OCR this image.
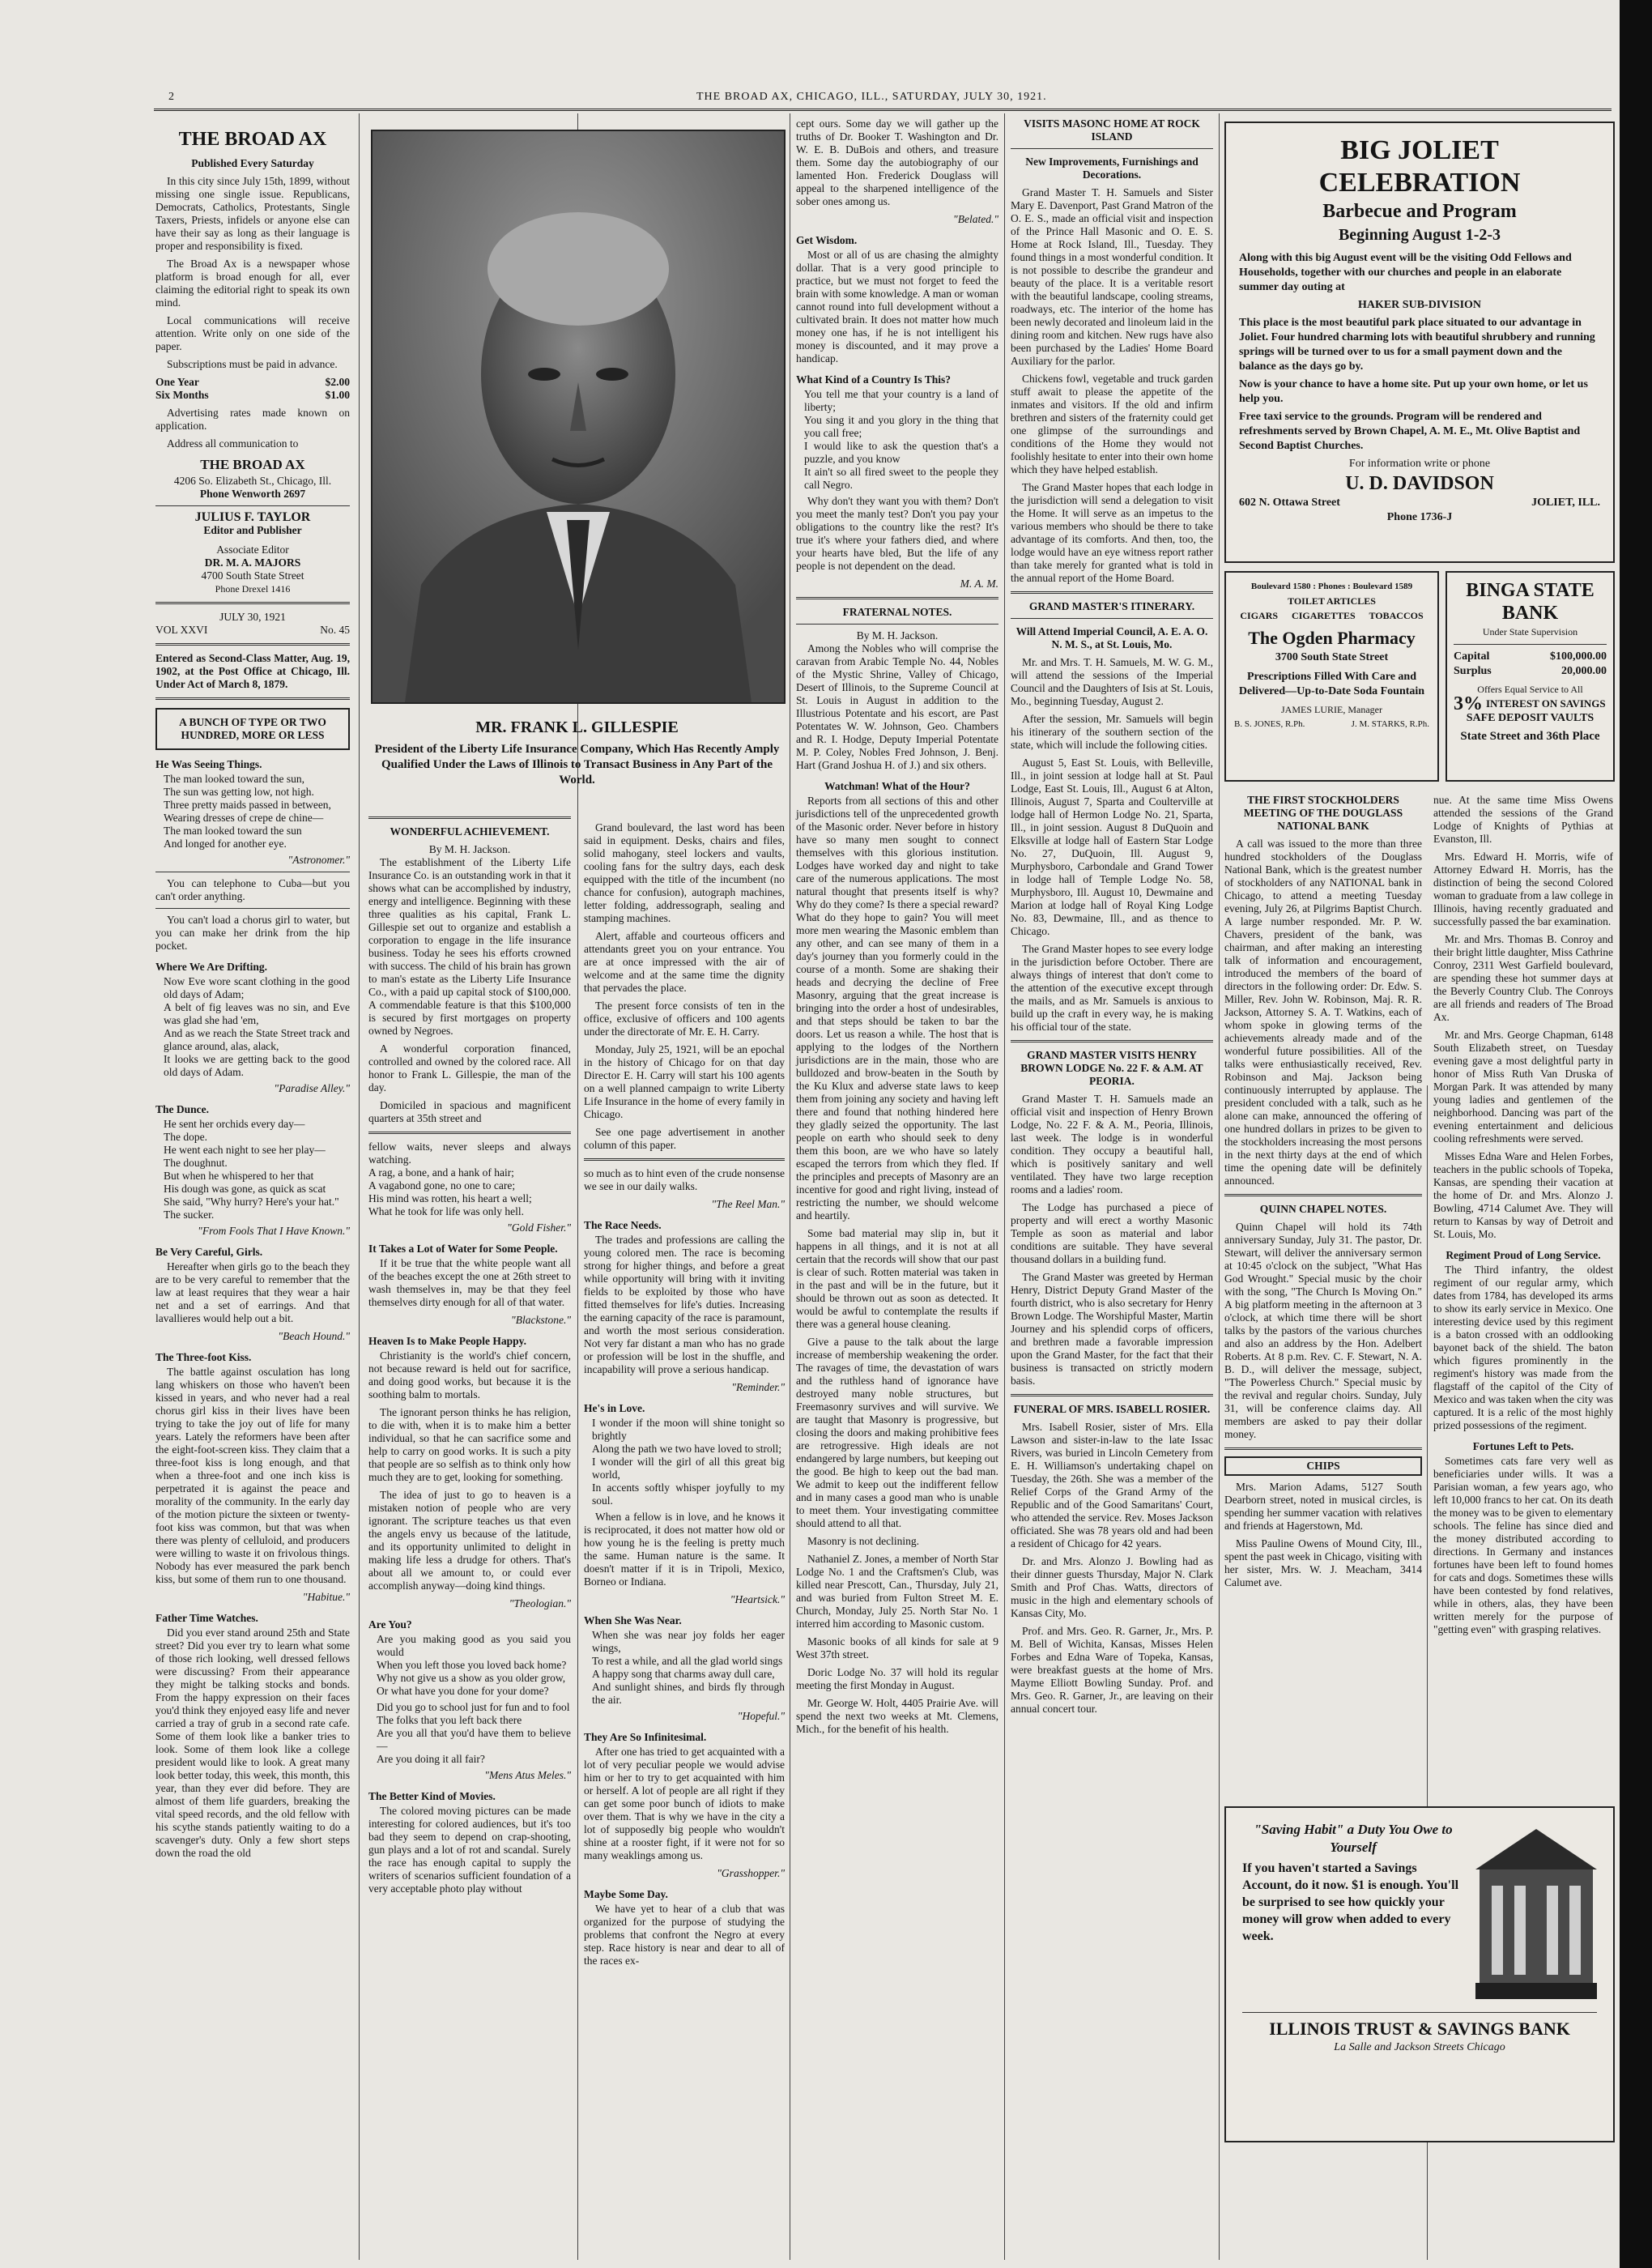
2	THE BROAD AX, CHICAGO, ILL., SATURDAY, JULY 30, 1921.
THE BROAD AX
Published Every Saturday

In this city since July 15th, 1899, without missing one single issue. Republicans, Democrats, Catholics, Protestants, Single Taxers, Priests, infidels or anyone else can have their say as long as their language is proper and responsibility is fixed.

The Broad Ax is a newspaper whose platform is broad enough for all, ever claiming the editorial right to speak its own mind.

Local communications will receive attention. Write only on one side of the paper.

Subscriptions must be paid in advance.

One Year	$2.00
Six Months	$1.00

Advertising rates made known on application.

Address all communication to

THE BROAD AX
4206 So. Elizabeth St., Chicago, Ill.
Phone Wenworth 2697
JULIUS F. TAYLOR
Editor and Publisher
Associate Editor
DR. M. A. MAJORS
4700 South State Street
Phone Drexel 1416
JULY 30, 1921
VOL XXVI	No. 45

Entered as Second-Class Matter, Aug. 19, 1902, at the Post Office at Chicago, Ill. Under Act of March 8, 1879.

A BUNCH OF TYPE OR TWO HUNDRED, MORE OR LESS
He Was Seeing Things.
The man looked toward the sun,
The sun was getting low, not high.
Three pretty maids passed in between,
Wearing dresses of crepe de chine—
The man looked toward the sun
And longed for another eye.
"Astronomer."

You can telephone to Cuba—but you can't order anything.

You can't load a chorus girl to water, but you can make her drink from the hip pocket.

Where We Are Drifting.
Now Eve wore scant clothing in the good old days of Adam;
A belt of fig leaves was no sin, and Eve was glad she had 'em,
And as we reach the State Street track and glance around, alas, alack,
It looks we are getting back to the good old days of Adam.
"Paradise Alley."
The Dunce.
He sent her orchids every day—
The dope.
He went each night to see her play—
The doughnut.
But when he whispered to her that
His dough was gone, as quick as scat
She said, "Why hurry? Here's your hat."
The sucker.
"From Fools That I Have Known."
Be Very Careful, Girls.

Hereafter when girls go to the beach they are to be very careful to remember that the law at least requires that they wear a hair net and a set of earrings. And that lavallieres would help out a bit.

"Beach Hound."
The Three-foot Kiss.

The battle against osculation has long lang whiskers on those who haven't been kissed in years, and who never had a real chorus girl kiss in their lives have been trying to take the joy out of life for many years. Lately the reformers have been after the eight-foot-screen kiss. They claim that a three-foot kiss is long enough, and that when a three-foot and one inch kiss is perpetrated it is against the peace and morality of the community. In the early day of the motion picture the sixteen or twenty-foot kiss was common, but that was when there was plenty of celluloid, and producers were willing to waste it on frivolous things. Nobody has ever measured the park bench kiss, but some of them run to one thousand.

"Habitue."
Father Time Watches.

Did you ever stand around 25th and State street? Did you ever try to learn what some of those rich looking, well dressed fellows were discussing? From their appearance they might be talking stocks and bonds. From the happy expression on their faces you'd think they enjoyed easy life and never carried a tray of grub in a second rate cafe. Some of them look like a banker tries to look. Some of them look like a college president would like to look. A great many look better today, this week, this month, this year, than they ever did before. They are almost of them life guarders, breaking the vital speed records, and the old fellow with his scythe stands patiently waiting to do a scavenger's duty. Only a few short steps down the road the old

MR. FRANK L. GILLESPIE

President of the Liberty Life Insurance Company, Which Has Recently Amply Qualified Under the Laws of Illinois to Transact Business in Any Part of the World.

WONDERFUL ACHIEVEMENT.
By M. H. Jackson.

The establishment of the Liberty Life Insurance Co. is an outstanding work in that it shows what can be accomplished by industry, energy and intelligence. Beginning with these three qualities as his capital, Frank L. Gillespie set out to organize and establish a corporation to engage in the life insurance business. Today he sees his efforts crowned with success. The child of his brain has grown to man's estate as the Liberty Life Insurance Co., with a paid up capital stock of $100,000. A commendable feature is that this $100,000 is secured by first mortgages on property owned by Negroes.

A wonderful corporation financed, controlled and owned by the colored race. All honor to Frank L. Gillespie, the man of the day.

Domiciled in spacious and magnificent quarters at 35th street and

fellow waits, never sleeps and always watching.
A rag, a bone, and a hank of hair;
A vagabond gone, no one to care;
His mind was rotten, his heart a well;
What he took for life was only hell.
"Gold Fisher."
It Takes a Lot of Water for Some People.

If it be true that the white people want all of the beaches except the one at 26th street to wash themselves in, may be that they feel themselves dirty enough for all of that water.

"Blackstone."
Heaven Is to Make People Happy.

Christianity is the world's chief concern, not because reward is held out for sacrifice, and doing good works, but because it is the soothing balm to mortals.

The ignorant person thinks he has religion, to die with, when it is to make him a better individual, so that he can sacrifice some and help to carry on good works. It is such a pity that people are so selfish as to think only how much they are to get, looking for something.

The idea of just to go to heaven is a mistaken notion of people who are very ignorant. The scripture teaches us that even the angels envy us because of the latitude, and its opportunity unlimited to delight in making life less a drudge for others. That's about all we amount to, or could ever accomplish anyway—doing kind things.

"Theologian."
Are You?
Are you making good as you said you would
When you left those you loved back home?
Why not give us a show as you older grow,
Or what have you done for your dome?
Did you go to school just for fun and to fool
The folks that you left back there
Are you all that you'd have them to believe—
Are you doing it all fair?
"Mens Atus Meles."
The Better Kind of Movies.

The colored moving pictures can be made interesting for colored audiences, but it's too bad they seem to depend on crap-shooting, gun plays and a lot of rot and scandal. Surely the race has enough capital to supply the writers of scenarios sufficient foundation of a very acceptable photo play without

Grand boulevard, the last word has been said in equipment. Desks, chairs and files, solid mahogany, steel lockers and vaults, cooling fans for the sultry days, each desk equipped with the title of the incumbent (no chance for confusion), autograph machines, letter folding, addressograph, sealing and stamping machines.

Alert, affable and courteous officers and attendants greet you on your entrance. You are at once impressed with the air of welcome and at the same time the dignity that pervades the place.

The present force consists of ten in the office, exclusive of officers and 100 agents under the directorate of Mr. E. H. Carry.

Monday, July 25, 1921, will be an epochal in the history of Chicago for on that day Director E. H. Carry will start his 100 agents on a well planned campaign to write Liberty Life Insurance in the home of every family in Chicago.

See one page advertisement in another column of this paper.

so much as to hint even of the crude nonsense we see in our daily walks.

"The Reel Man."
The Race Needs.

The trades and professions are calling the young colored men. The race is becoming strong for higher things, and before a great while opportunity will bring with it inviting fields to be exploited by those who have fitted themselves for life's duties. Increasing the earning capacity of the race is paramount, and worth the most serious consideration. Not very far distant a man who has no grade or profession will be lost in the shuffle, and incapability will prove a serious handicap.

"Reminder."
He's in Love.
I wonder if the moon will shine tonight so brightly
Along the path we two have loved to stroll;
I wonder will the girl of all this great big world,
In accents softly whisper joyfully to my soul.

When a fellow is in love, and he knows it is reciprocated, it does not matter how old or how young he is the feeling is pretty much the same. Human nature is the same. It doesn't matter if it is in Tripoli, Mexico, Borneo or Indiana.

"Heartsick."
When She Was Near.
When she was near joy folds her eager wings,
To rest a while, and all the glad world sings
A happy song that charms away dull care,
And sunlight shines, and birds fly through the air.
"Hopeful."
They Are So Infinitesimal.

After one has tried to get acquainted with a lot of very peculiar people we would advise him or her to try to get acquainted with him or herself. A lot of people are all right if they can get some poor bunch of idiots to make over them. That is why we have in the city a lot of supposedly big people who wouldn't shine at a rooster fight, if it were not for so many weaklings among us.

"Grasshopper."
Maybe Some Day.

We have yet to hear of a club that was organized for the purpose of studying the problems that confront the Negro at every step. Race history is near and dear to all of the races ex-

cept ours. Some day we will gather up the truths of Dr. Booker T. Washington and Dr. W. E. B. DuBois and others, and treasure them. Some day the autobiography of our lamented Hon. Frederick Douglass will appeal to the sharpened intelligence of the sober ones among us.

"Belated."
Get Wisdom.

Most or all of us are chasing the almighty dollar. That is a very good principle to practice, but we must not forget to feed the brain with some knowledge. A man or woman cannot round into full development without a cultivated brain. It does not matter how much money one has, if he is not intelligent his money is discounted, and it may prove a handicap.

What Kind of a Country Is This?
You tell me that your country is a land of liberty;
You sing it and you glory in the thing that you call free;
I would like to ask the question that's a puzzle, and you know
It ain't so all fired sweet to the people they call Negro.

Why don't they want you with them? Don't you meet the manly test? Don't you pay your obligations to the country like the rest? It's true it's where your fathers died, and where your hearts have bled, But the life of any people is not dependent on the dead.

M. A. M.
FRATERNAL NOTES.
By M. H. Jackson.

Among the Nobles who will comprise the caravan from Arabic Temple No. 44, Nobles of the Mystic Shrine, Valley of Chicago, Desert of Illinois, to the Supreme Council at St. Louis in August in addition to the Illustrious Potentate and his escort, are Past Potentates W. W. Johnson, Geo. Chambers and R. I. Hodge, Deputy Imperial Potentate M. P. Coley, Nobles Fred Johnson, J. Benj. Hart (Grand Joshua H. of J.) and six others.

Watchman! What of the Hour?

Reports from all sections of this and other jurisdictions tell of the unprecedented growth of the Masonic order. Never before in history have so many men sought to connect themselves with this glorious institution. Lodges have worked day and night to take care of the numerous applications. The most natural thought that presents itself is why? Why do they come? Is there a special reward? What do they hope to gain? You will meet more men wearing the Masonic emblem than any other, and can see many of them in a day's journey than you formerly could in the course of a month. Some are shaking their heads and decrying the decline of Free Masonry, arguing that the great increase is bringing into the order a host of undesirables, and that steps should be taken to bar the doors. Let us reason a while. The host that is applying to the lodges of the Northern jurisdictions are in the main, those who are bulldozed and brow-beaten in the South by the Ku Klux and adverse state laws to keep them from joining any society and having left there and found that nothing hindered here they gladly seized the opportunity. The last people on earth who should seek to deny them this boon, are we who have so lately escaped the terrors from which they fled. If the principles and precepts of Masonry are an incentive for good and right living, instead of restricting the number, we should welcome and heartily.

Some bad material may slip in, but it happens in all things, and it is not at all certain that the records will show that our past is clear of such. Rotten material was taken in in the past and will be in the future, but it should be thrown out as soon as detected. It would be awful to contemplate the results if there was a general house cleaning.

Give a pause to the talk about the large increase of membership weakening the order. The ravages of time, the devastation of wars and the ruthless hand of ignorance have destroyed many noble structures, but Freemasonry survives and will survive. We are taught that Masonry is progressive, but closing the doors and making prohibitive fees are retrogressive. High ideals are not endangered by large numbers, but keeping out the good. Be high to keep out the bad man. We admit to keep out the indifferent fellow and in many cases a good man who is unable to meet them. Your investigating committee should attend to all that.

Masonry is not declining.

Nathaniel Z. Jones, a member of North Star Lodge No. 1 and the Craftsmen's Club, was killed near Prescott, Can., Thursday, July 21, and was buried from Fulton Street M. E. Church, Monday, July 25. North Star No. 1 interred him according to Masonic custom.

Masonic books of all kinds for sale at 9 West 37th street.

Doric Lodge No. 37 will hold its regular meeting the first Monday in August.

Mr. George W. Holt, 4405 Prairie Ave. will spend the next two weeks at Mt. Clemens, Mich., for the benefit of his health.

VISITS MASONC HOME AT ROCK ISLAND
New Improvements, Furnishings and Decorations.

Grand Master T. H. Samuels and Sister Mary E. Davenport, Past Grand Matron of the O. E. S., made an official visit and inspection of the Prince Hall Masonic and O. E. S. Home at Rock Island, Ill., Tuesday. They found things in a most wonderful condition. It is not possible to describe the grandeur and beauty of the place. It is a veritable resort with the beautiful landscape, cooling streams, roadways, etc. The interior of the home has been newly decorated and linoleum laid in the dining room and kitchen. New rugs have also been purchased by the Ladies' Home Board Auxiliary for the parlor.

Chickens fowl, vegetable and truck garden stuff await to please the appetite of the inmates and visitors. If the old and infirm brethren and sisters of the fraternity could get one glimpse of the surroundings and conditions of the Home they would not foolishly hesitate to enter into their own home which they have helped establish.

The Grand Master hopes that each lodge in the jurisdiction will send a delegation to visit the Home. It will serve as an impetus to the various members who should be there to take advantage of its comforts. And then, too, the lodge would have an eye witness report rather than take merely for granted what is told in the annual report of the Home Board.

GRAND MASTER'S ITINERARY.
Will Attend Imperial Council, A. E. A. O. N. M. S., at St. Louis, Mo.

Mr. and Mrs. T. H. Samuels, M. W. G. M., will attend the sessions of the Imperial Council and the Daughters of Isis at St. Louis, Mo., beginning Tuesday, August 2.

After the session, Mr. Samuels will begin his itinerary of the southern section of the state, which will include the following cities.

August 5, East St. Louis, with Belleville, Ill., in joint session at lodge hall at St. Paul Lodge, East St. Louis, Ill., August 6 at Alton, Illinois, August 7, Sparta and Coulterville at lodge hall of Hermon Lodge No. 21, Sparta, Ill., in joint session. August 8 DuQuoin and Elksville at lodge hall of Eastern Star Lodge No. 27, DuQuoin, Ill. August 9, Murphysboro, Carbondale and Grand Tower in lodge hall of Temple Lodge No. 58, Murphysboro, Ill. August 10, Dewmaine and Marion at lodge hall of Royal King Lodge No. 83, Dewmaine, Ill., and as thence to Chicago.

The Grand Master hopes to see every lodge in the jurisdiction before October. There are always things of interest that don't come to the attention of the executive except through the mails, and as Mr. Samuels is anxious to build up the craft in every way, he is making his official tour of the state.

GRAND MASTER VISITS HENRY BROWN LODGE No. 22 F. & A.M. AT PEORIA.

Grand Master T. H. Samuels made an official visit and inspection of Henry Brown Lodge, No. 22 F. & A. M., Peoria, Illinois, last week. The lodge is in wonderful condition. They occupy a beautiful hall, which is positively sanitary and well ventilated. They have two large reception rooms and a ladies' room.

The Lodge has purchased a piece of property and will erect a worthy Masonic Temple as soon as material and labor conditions are suitable. They have several thousand dollars in a building fund.

The Grand Master was greeted by Herman Henry, District Deputy Grand Master of the fourth district, who is also secretary for Henry Brown Lodge. The Worshipful Master, Martin Journey and his splendid corps of officers, and brethren made a favorable impression upon the Grand Master, for the fact that their business is transacted on strictly modern basis.

FUNERAL OF MRS. ISABELL ROSIER.

Mrs. Isabell Rosier, sister of Mrs. Ella Lawson and sister-in-law to the late Issac Rivers, was buried in Lincoln Cemetery from E. H. Williamson's undertaking chapel on Tuesday, the 26th. She was a member of the Relief Corps of the Grand Army of the Republic and of the Good Samaritans' Court, who attended the service. Rev. Moses Jackson officiated. She was 78 years old and had been a resident of Chicago for 42 years.

Dr. and Mrs. Alonzo J. Bowling had as their dinner guests Thursday, Major N. Clark Smith and Prof Chas. Watts, directors of music in the high and elementary schools of Kansas City, Mo.

Prof. and Mrs. Geo. R. Garner, Jr., Mrs. P. M. Bell of Wichita, Kansas, Misses Helen Forbes and Edna Ware of Topeka, Kansas, were breakfast guests at the home of Mrs. Mayme Elliott Bowling Sunday. Prof. and Mrs. Geo. R. Garner, Jr., are leaving on their annual concert tour.

BIG JOLIET CELEBRATION
Barbecue and Program
Beginning August 1-2-3

Along with this big August event will be the visiting Odd Fellows and Households, together with our churches and people in an elaborate summer day outing at

HAKER SUB-DIVISION

This place is the most beautiful park place situated to our advantage in Joliet. Four hundred charming lots with beautiful shrubbery and running springs will be turned over to us for a small payment down and the balance as the days go by.

Now is your chance to have a home site. Put up your own home, or let us help you.

Free taxi service to the grounds. Program will be rendered and refreshments served by Brown Chapel, A. M. E., Mt. Olive Baptist and Second Baptist Churches.

For information write or phone
U. D. DAVIDSON
602 N. Ottawa Street	JOLIET, ILL.
Phone 1736-J
Boulevard 1580 : Phones : Boulevard 1589
TOILET ARTICLES
CIGARS CIGARETTES TOBACCOS
The Ogden Pharmacy
3700 South State Street

Prescriptions Filled With Care and Delivered—Up-to-Date Soda Fountain

JAMES LURIE, Manager
B. S. JONES, R.Ph.	J. M. STARKS, R.Ph.
BINGA STATE BANK
Under State Supervision
Capital	$100,000.00
Surplus	20,000.00
Offers Equal Service to All
3% INTEREST ON SAVINGS
SAFE DEPOSIT VAULTS
State Street and 36th Place
THE FIRST STOCKHOLDERS MEETING OF THE DOUGLASS NATIONAL BANK

A call was issued to the more than three hundred stockholders of the Douglass National Bank, which is the greatest number of stockholders of any NATIONAL bank in Chicago, to attend a meeting Tuesday evening, July 26, at Pilgrims Baptist Church. A large number responded. Mr. P. W. Chavers, president of the bank, was chairman, and after making an interesting talk of information and encouragement, introduced the members of the board of directors in the following order: Dr. Edw. S. Miller, Rev. John W. Robinson, Maj. R. R. Jackson, Attorney S. A. T. Watkins, each of whom spoke in glowing terms of the achievements already made and of the wonderful future possibilities. All of the talks were enthusiastically received, Rev. Robinson and Maj. Jackson being continuously interrupted by applause. The president concluded with a talk, such as he alone can make, announced the offering of one hundred dollars in prizes to be given to the stockholders increasing the most persons in the next thirty days at the end of which time the opening date will be definitely announced.

QUINN CHAPEL NOTES.

Quinn Chapel will hold its 74th anniversary Sunday, July 31. The pastor, Dr. Stewart, will deliver the anniversary sermon at 10:45 o'clock on the subject, "What Has God Wrought." Special music by the choir with the song, "The Church Is Moving On." A big platform meeting in the afternoon at 3 o'clock, at which time there will be short talks by the pastors of the various churches and also an address by the Hon. Adelbert Roberts. At 8 p.m. Rev. C. F. Stewart, N. A. B. D., will deliver the message, subject, "The Powerless Church." Special music by the revival and regular choirs. Sunday, July 31, will be conference claims day. All members are asked to pay their dollar money.

CHIPS

Mrs. Marion Adams, 5127 South Dearborn street, noted in musical circles, is spending her summer vacation with relatives and friends at Hagerstown, Md.

Miss Pauline Owens of Mound City, Ill., spent the past week in Chicago, visiting with her sister, Mrs. W. J. Meacham, 3414 Calumet ave.

nue. At the same time Miss Owens attended the sessions of the Grand Lodge of Knights of Pythias at Evanston, Ill.

Mrs. Edward H. Morris, wife of Attorney Edward H. Morris, has the distinction of being the second Colored woman to graduate from a law college in Illinois, having recently graduated and successfully passed the bar examination.

Mr. and Mrs. Thomas B. Conroy and their bright little daughter, Miss Cathrine Conroy, 2311 West Garfield boulevard, are spending these hot summer days at the Beverly Country Club. The Conroys are all friends and readers of The Broad Ax.

Mr. and Mrs. George Chapman, 6148 South Elizabeth street, on Tuesday evening gave a most delightful party in honor of Miss Ruth Van Druska of Morgan Park. It was attended by many young ladies and gentlemen of the neighborhood. Dancing was part of the evening entertainment and delicious cooling refreshments were served.

Misses Edna Ware and Helen Forbes, teachers in the public schools of Topeka, Kansas, are spending their vacation at the home of Dr. and Mrs. Alonzo J. Bowling, 4714 Calumet Ave. They will return to Kansas by way of Detroit and St. Louis, Mo.

Regiment Proud of Long Service.

The Third infantry, the oldest regiment of our regular army, which dates from 1784, has developed its arms to show its early service in Mexico. One interesting device used by this regiment is a baton crossed with an oddlooking bayonet back of the shield. The baton which figures prominently in the regiment's history was made from the flagstaff of the capitol of the City of Mexico and was taken when the city was captured. It is a relic of the most highly prized possessions of the regiment.

Fortunes Left to Pets.

Sometimes cats fare very well as beneficiaries under wills. It was a Parisian woman, a few years ago, who left 10,000 francs to her cat. On its death the money was to be given to elementary schools. The feline has since died and the money distributed according to directions. In Germany and instances fortunes have been left to found homes for cats and dogs. Sometimes these wills have been contested by fond relatives, while in others, alas, they have been written merely for the purpose of "getting even" with grasping relatives.

"Saving Habit" a Duty You Owe to Yourself

If you haven't started a Savings Account, do it now. $1 is enough. You'll be surprised to see how quickly your money will grow when added to every week.

ILLINOIS TRUST & SAVINGS BANK
La Salle and Jackson Streets Chicago
